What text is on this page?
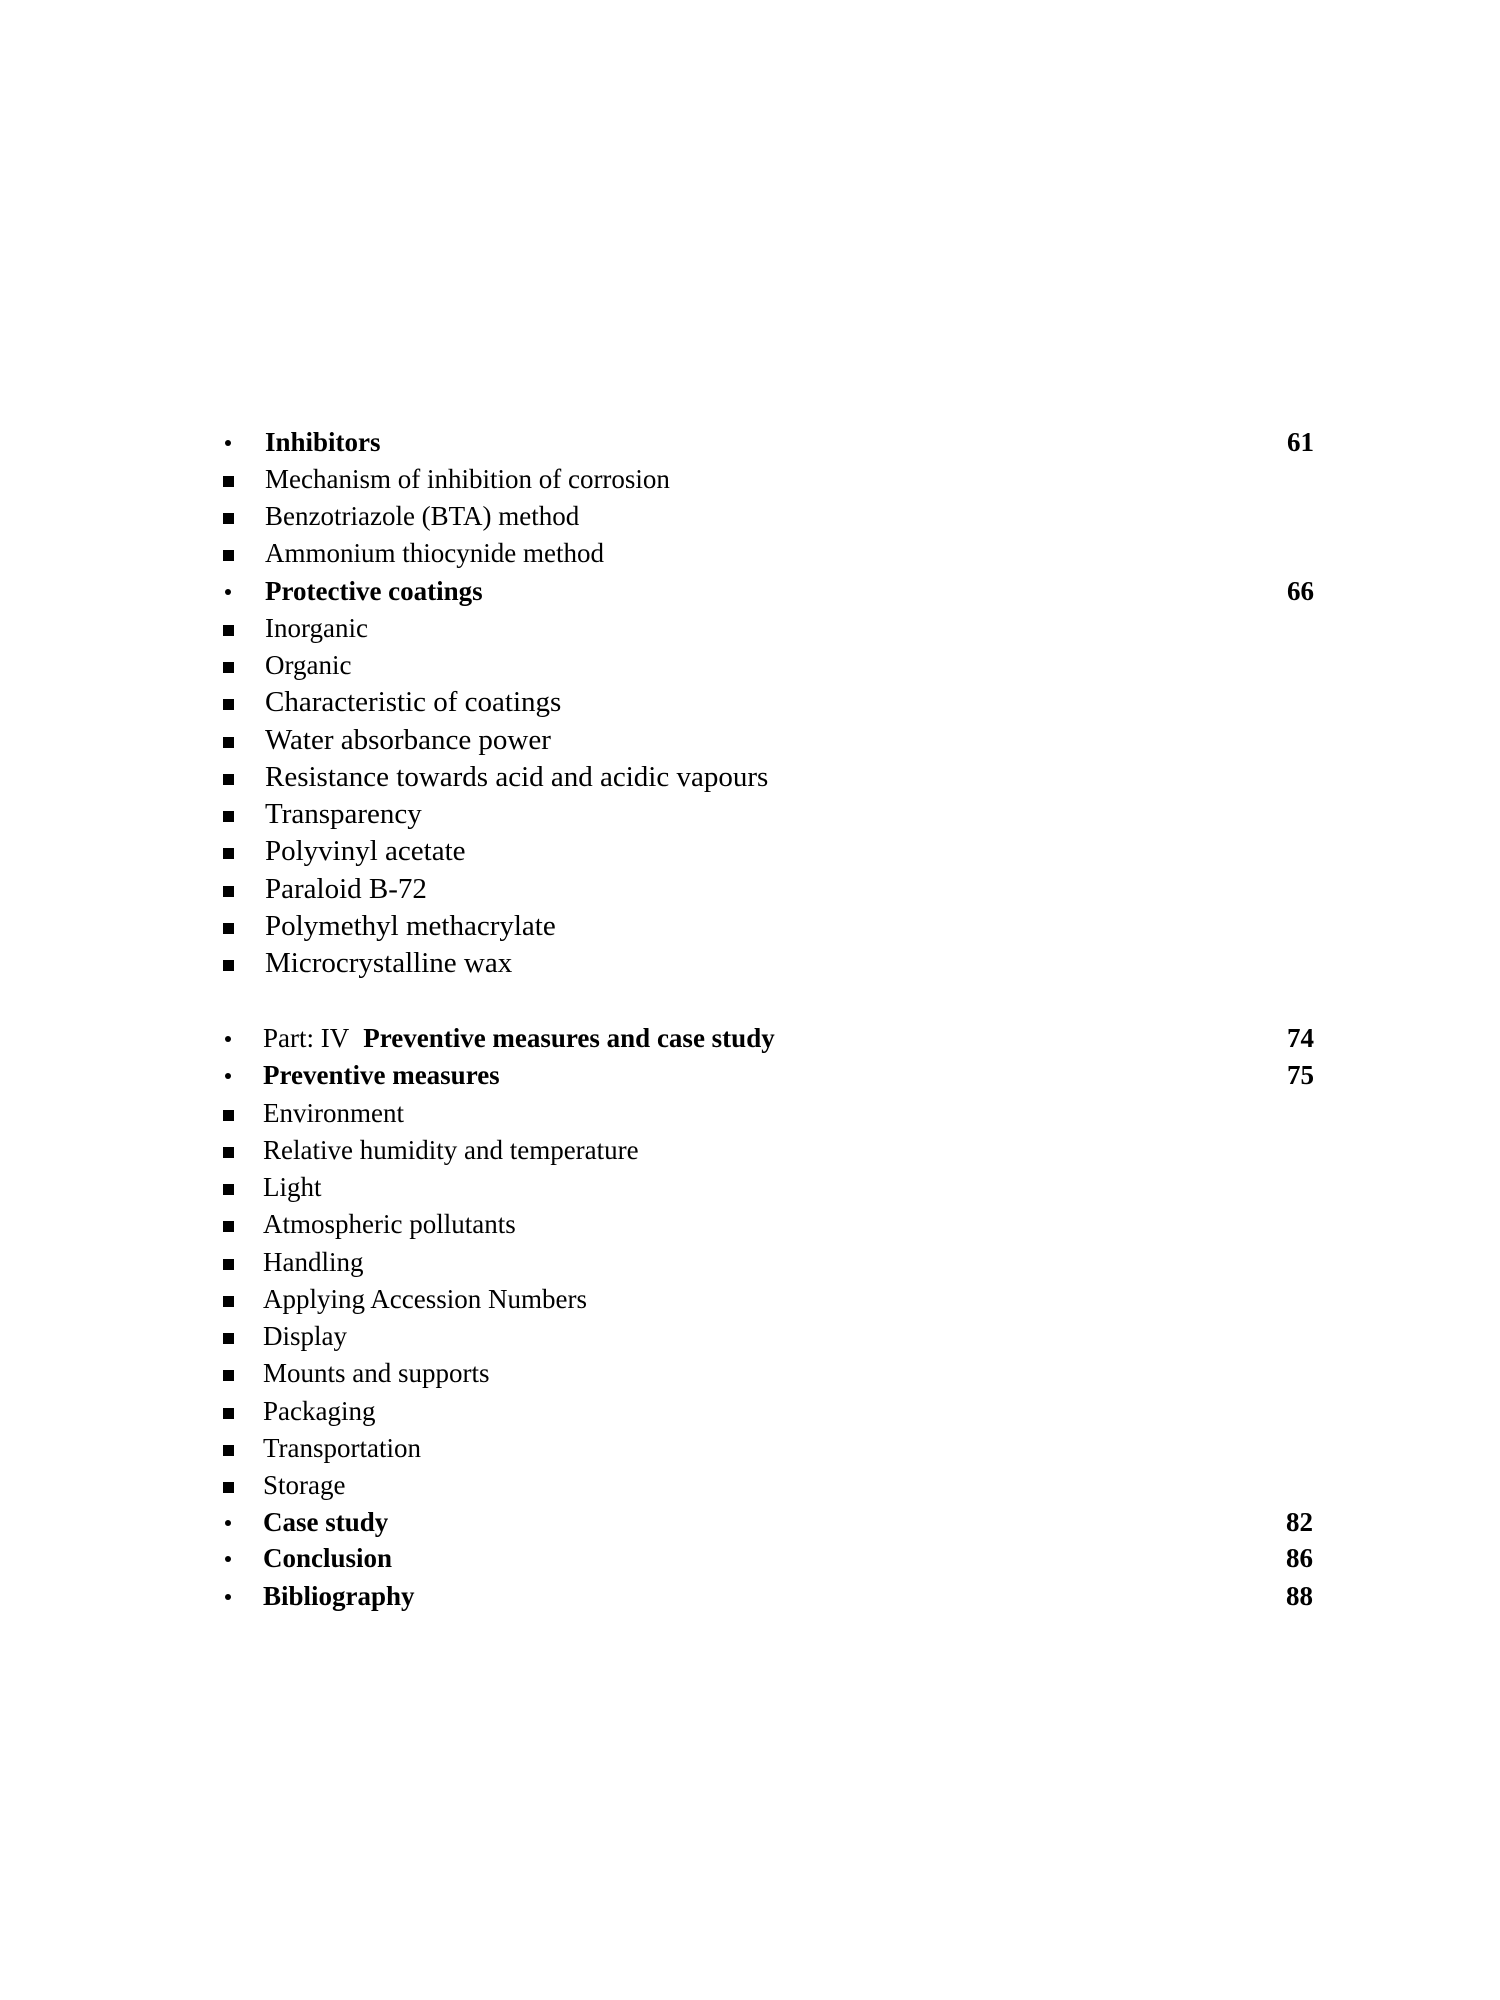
Inhibitors	61
Mechanism of inhibition of corrosion
Benzotriazole (BTA) method
Ammonium thiocynide method
Protective coatings	66
Inorganic
Organic
Characteristic of coatings
Water absorbance power
Resistance towards acid and acidic vapours
Transparency
Polyvinyl acetate
Paraloid B-72
Polymethyl methacrylate
Microcrystalline wax
Part: IV Preventive measures and case study	74
Preventive measures	75
Environment
Relative humidity and temperature
Light
Atmospheric pollutants
Handling
Applying Accession Numbers
Display
Mounts and supports
Packaging
Transportation
Storage
Case study	82
Conclusion	86
Bibliography	88
